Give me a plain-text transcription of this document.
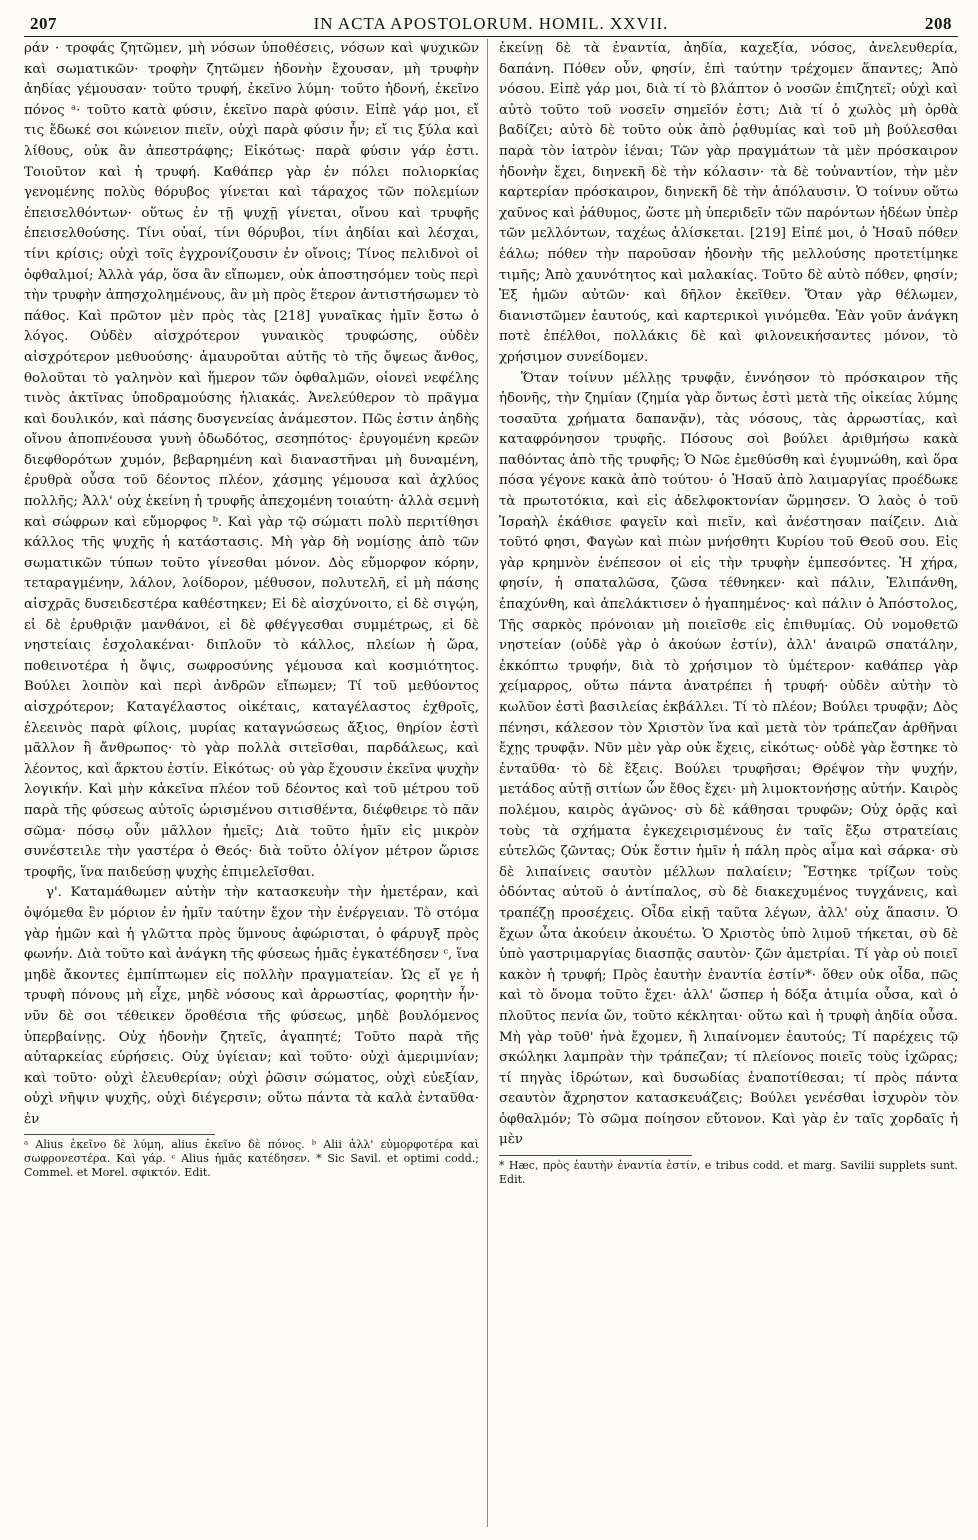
207	IN ACTA APOSTOLORUM. HOMIL. XXVII.	208

ράν · τροφάς ζητῶμεν, μὴ νόσων ὑποθέσεις, νόσων καὶ ψυχικῶν καὶ σωματικῶν· τροφὴν ζητῶμεν ἡδονὴν ἔχουσαν, μὴ τρυφὴν ἀηδίας γέμουσαν· τοῦτο τρυφή, ἐκεῖνο λύμη· τοῦτο ἡδονή, ἐκεῖνο πόνος ᵃ· τοῦτο κατὰ φύσιν, ἐκεῖνο παρὰ φύσιν. Εἰπὲ γάρ μοι, εἴ τις ἔδωκέ σοι κώνειον πιεῖν, οὐχὶ παρὰ φύσιν ἦν; εἴ τις ξύλα καὶ λίθους, οὐκ ἂν ἀπεστράφης; Εἰκότως· παρὰ φύσιν γάρ ἐστι. Τοιοῦτον καὶ ἡ τρυφή. Καθάπερ γὰρ ἐν πόλει πολιορκίας γενομένης πολὺς θόρυβος γίνεται καὶ τάραχος τῶν πολεμίων ἐπεισελθόντων· οὕτως ἐν τῇ ψυχῇ γίνεται, οἴνου καὶ τρυφῆς ἐπεισελθούσης. Τίνι οὐαί, τίνι θόρυβοι, τίνι ἀηδίαι καὶ λέσχαι, τίνι κρίσις; οὐχὶ τοῖς ἐγχρονίζουσιν ἐν οἴνοις; Τίνος πελιδνοὶ οἱ ὀφθαλμοί; Ἀλλὰ γάρ, ὅσα ἂν εἴπωμεν, οὐκ ἀποστησόμεν τοὺς περὶ τὴν τρυφὴν ἀπησχολημένους, ἂν μὴ πρὸς ἕτερον ἀντιστήσωμεν τὸ πάθος. Καὶ πρῶτον μὲν πρὸς τὰς [218] γυναῖκας ἡμῖν ἔστω ὁ λόγος. Οὐδὲν αἰσχρότερον γυναικὸς τρυφώσης, οὐδὲν αἰσχρότερον μεθυούσης· ἀμαυροῦται αὐτῆς τὸ τῆς ὄψεως ἄνθος, θολοῦται τὸ γαληνὸν καὶ ἥμερον τῶν ὀφθαλμῶν, οἱονεὶ νεφέλης τινὸς ἀκτῖνας ὑποδραμούσης ἡλιακάς. Ἀνελεύθερον τὸ πρᾶγμα καὶ δουλικόν, καὶ πάσης δυσγενείας ἀνάμεστον. Πῶς ἐστιν ἀηδὴς οἴνου ἀποπνέουσα γυνὴ ὀδωδότος, σεσηπότος· ἐρυγομένη κρεῶν διεφθορότων χυμόν, βεβαρημένη καὶ διαναστῆναι μὴ δυναμένη, ἐρυθρὰ οὖσα τοῦ δέοντος πλέον, χάσμης γέμουσα καὶ ἀχλύος πολλῆς; Ἀλλ' οὐχ ἐκείνη ἡ τρυφῆς ἀπεχομένη τοιαύτη· ἀλλὰ σεμνὴ καὶ σώφρων καὶ εὔμορφος ᵇ. Καὶ γὰρ τῷ σώματι πολὺ περιτίθησι κάλλος τῆς ψυχῆς ἡ κατάστασις. Μὴ γὰρ δὴ νομίσῃς ἀπὸ τῶν σωματικῶν τύπων τοῦτο γίνεσθαι μόνον. Δὸς εὔμορφον κόρην, τεταραγμένην, λάλον, λοίδορον, μέθυσον, πολυτελῆ, εἰ μὴ πάσης αἰσχρᾶς δυσειδεστέρα καθέστηκεν; Εἰ δὲ αἰσχύνοιτο, εἰ δὲ σιγῴη, εἰ δὲ ἐρυθριᾷν μανθάνοι, εἰ δὲ φθέγγεσθαι συμμέτρως, εἰ δὲ νηστείαις ἐσχολακέναι· διπλοῦν τὸ κάλλος, πλείων ἡ ὥρα, ποθεινοτέρα ἡ ὄψις, σωφροσύνης γέμουσα καὶ κοσμιότητος. Βούλει λοιπὸν καὶ περὶ ἀνδρῶν εἴπωμεν; Τί τοῦ μεθύοντος αἰσχρότερον; Καταγέλαστος οἰκέταις, καταγέλαστος ἐχθροῖς, ἐλεεινὸς παρὰ φίλοις, μυρίας καταγνώσεως ἄξιος, θηρίον ἐστὶ μᾶλλον ἢ ἄνθρωπος· τὸ γὰρ πολλὰ σιτεῖσθαι, παρδάλεως, καὶ λέοντος, καὶ ἄρκτου ἐστίν. Εἰκότως· οὐ γὰρ ἔχουσιν ἐκεῖνα ψυχὴν λογικήν. Καὶ μὴν κἀκεῖνα πλέον τοῦ δέοντος καὶ τοῦ μέτρου τοῦ παρὰ τῆς φύσεως αὐτοῖς ὡρισμένου σιτισθέντα, διέφθειρε τὸ πᾶν σῶμα· πόσῳ οὖν μᾶλλον ἡμεῖς; Διὰ τοῦτο ἡμῖν εἰς μικρὸν συνέστειλε τὴν γαστέρα ὁ Θεός· διὰ τοῦτο ὀλίγον μέτρον ὥρισε τροφῆς, ἵνα παιδεύσῃ ψυχὴς ἐπιμελεῖσθαι.

γ'. Καταμάθωμεν αὐτὴν τὴν κατασκευὴν τὴν ἡμετέραν, καὶ ὀψόμεθα ἓν μόριον ἐν ἡμῖν ταύτην ἔχον τὴν ἐνέργειαν. Τὸ στόμα γὰρ ἡμῶν καὶ ἡ γλῶττα πρὸς ὕμνους ἀφώρισται, ὁ φάρυγξ πρὸς φωνήν. Διὰ τοῦτο καὶ ἀνάγκη τῆς φύσεως ἡμᾶς ἐγκατέδησεν ᶜ, ἵνα μηδὲ ἄκοντες ἐμπίπτωμεν εἰς πολλὴν πραγματείαν. Ὡς εἴ γε ἡ τρυφὴ πόνους μὴ εἶχε, μηδὲ νόσους καὶ ἀρρωστίας, φορητὴν ἦν· νῦν δὲ σοι τέθεικεν ὅροθέσια τῆς φύσεως, μηδὲ βουλόμενος ὑπερβαίνῃς. Οὐχ ἡδονὴν ζητεῖς, ἀγαπητέ; Τοῦτο παρὰ τῆς αὐταρκείας εὑρήσεις. Οὐχ ὑγίειαν; καὶ τοῦτο· οὐχὶ ἀμεριμνίαν; καὶ τοῦτο· οὐχὶ ἐλευθερίαν; οὐχὶ ῥῶσιν σώματος, οὐχὶ εὐεξίαν, οὐχὶ νῆψιν ψυχῆς, οὐχὶ διέγερσιν; οὕτω πάντα τὰ καλὰ ἐνταῦθα· ἐν

ᵃ Alius ἐκεῖνο δὲ λύμη, alius ἐκεῖνο δὲ πόνος. ᵇ Alii ἀλλ' εὐμορφοτέρα καὶ σωφρονεστέρα. Καὶ γάρ. ᶜ Alius ἡμᾶς κατέδησεν. * Sic Savil. et optimi codd.; Commel. et Morel. σφικτόν. Edit.

ἐκείνῃ δὲ τὰ ἐναντία, ἀηδία, καχεξία, νόσος, ἀνελευθερία, δαπάνη. Πόθεν οὖν, φησίν, ἐπὶ ταύτην τρέχομεν ἅπαντες; Ἀπὸ νόσου. Εἰπὲ γάρ μοι, διὰ τί τὸ βλάπτον ὁ νοσῶν ἐπιζητεῖ; οὐχὶ καὶ αὐτὸ τοῦτο τοῦ νοσεῖν σημεῖόν ἐστι; Διὰ τί ὁ χωλὸς μὴ ὀρθὰ βαδίζει; αὐτὸ δὲ τοῦτο οὐκ ἀπὸ ῥᾳθυμίας καὶ τοῦ μὴ βούλεσθαι παρὰ τὸν ἰατρὸν ἰέναι; Τῶν γὰρ πραγμάτων τὰ μὲν πρόσκαιρον ἡδονὴν ἔχει, διηνεκῆ δὲ τὴν κόλασιν· τὰ δὲ τοὐναντίον, τὴν μὲν καρτερίαν πρόσκαιρον, διηνεκῆ δὲ τὴν ἀπόλαυσιν. Ὁ τοίνυν οὕτω χαῦνος καὶ ῥάθυμος, ὥστε μὴ ὑπεριδεῖν τῶν παρόντων ἡδέων ὑπὲρ τῶν μελλόντων, ταχέως ἁλίσκεται. [219] Εἰπέ μοι, ὁ Ἠσαῦ πόθεν ἑάλω; πόθεν τὴν παροῦσαν ἡδονὴν τῆς μελλούσης προτετίμηκε τιμῆς; Ἀπὸ χαυνότητος καὶ μαλακίας. Τοῦτο δὲ αὐτὸ πόθεν, φησίν; Ἐξ ἡμῶν αὐτῶν· καὶ δῆλον ἐκεῖθεν. Ὅταν γὰρ θέλωμεν, διανιστῶμεν ἑαυτούς, καὶ καρτερικοὶ γινόμεθα. Ἐὰν γοῦν ἀνάγκη ποτὲ ἐπέλθοι, πολλάκις δὲ καὶ φιλονεικήσαντες μόνον, τὸ χρήσιμον συνείδομεν.

Ὅταν τοίνυν μέλλῃς τρυφᾷν, ἐννόησον τὸ πρόσκαιρον τῆς ἡδονῆς, τὴν ζημίαν (ζημία γὰρ ὄντως ἐστὶ μετὰ τῆς οἰκείας λύμης τοσαῦτα χρήματα δαπανᾷν), τὰς νόσους, τὰς ἀρρωστίας, καὶ καταφρόνησον τρυφῆς. Πόσους σοὶ βούλει ἀριθμήσω κακὰ παθόντας ἀπὸ τῆς τρυφῆς; Ὁ Νῶε ἐμεθύσθη καὶ ἐγυμνώθη, καὶ ὅρα πόσα γέγονε κακὰ ἀπὸ τούτου· ὁ Ἠσαῦ ἀπὸ λαιμαργίας προέδωκε τὰ πρωτοτόκια, καὶ εἰς ἀδελφοκτονίαν ὥρμησεν. Ὁ λαὸς ὁ τοῦ Ἰσραὴλ ἐκάθισε φαγεῖν καὶ πιεῖν, καὶ ἀνέστησαν παίζειν. Διὰ τοῦτό φησι, Φαγὼν καὶ πιὼν μνήσθητι Κυρίου τοῦ Θεοῦ σου. Εἰς γὰρ κρημνὸν ἐνέπεσον οἱ εἰς τὴν τρυφὴν ἐμπεσόντες. Ἡ χήρα, φησίν, ἡ σπαταλῶσα, ζῶσα τέθνηκεν· καὶ πάλιν, Ἐλιπάνθη, ἐπαχύνθη, καὶ ἀπελάκτισεν ὁ ἠγαπημένος· καὶ πάλιν ὁ Ἀπόστολος, Τῆς σαρκὸς πρόνοιαν μὴ ποιεῖσθε εἰς ἐπιθυμίας. Οὐ νομοθετῶ νηστείαν (οὐδὲ γὰρ ὁ ἀκούων ἐστίν), ἀλλ' ἀναιρῶ σπατάλην, ἐκκόπτω τρυφήν, διὰ τὸ χρήσιμον τὸ ὑμέτερον· καθάπερ γὰρ χείμαρρος, οὕτω πάντα ἀνατρέπει ἡ τρυφή· οὐδὲν αὐτὴν τὸ κωλῦον ἐστὶ βασιλείας ἐκβάλλει. Τί τὸ πλέον; Βούλει τρυφᾷν; Δὸς πένησι, κάλεσον τὸν Χριστὸν ἵνα καὶ μετὰ τὸν τράπεζαν ἀρθῆναι ἔχῃς τρυφᾷν. Νῦν μὲν γὰρ οὐκ ἔχεις, εἰκότως· οὐδὲ γὰρ ἔστηκε τὸ ἐνταῦθα· τὸ δὲ ἔξεις. Βούλει τρυφῆσαι; Θρέψον τὴν ψυχήν, μετάδος αὐτῇ σιτίων ὧν ἔθος ἔχει· μὴ λιμοκτονήσῃς αὐτήν. Καιρὸς πολέμου, καιρὸς ἀγῶνος· σὺ δὲ κάθησαι τρυφῶν; Οὐχ ὁρᾷς καὶ τοὺς τὰ σχήματα ἐγκεχειρισμένους ἐν ταῖς ἔξω στρατείαις εὐτελῶς ζῶντας; Οὐκ ἔστιν ἡμῖν ἡ πάλη πρὸς αἷμα καὶ σάρκα· σὺ δὲ λιπαίνεις σαυτὸν μέλλων παλαίειν; Ἔστηκε τρίζων τοὺς ὀδόντας αὐτοῦ ὁ ἀντίπαλος, σὺ δὲ διακεχυμένος τυγχάνεις, καὶ τραπέζῃ προσέχεις. Οἶδα εἰκῇ ταῦτα λέγων, ἀλλ' οὐχ ἅπασιν. Ὁ ἔχων ὦτα ἀκούειν ἀκουέτω. Ὁ Χριστὸς ὑπὸ λιμοῦ τήκεται, σὺ δὲ ὑπὸ γαστριμαργίας διασπᾷς σαυτὸν· ζῶν ἀμετρίαι. Τί γὰρ οὐ ποιεῖ κακὸν ἡ τρυφή; Πρὸς ἑαυτὴν ἐναντία ἐστίν*· ὅθεν οὐκ οἶδα, πῶς καὶ τὸ ὄνομα τοῦτο ἔχει· ἀλλ' ὥσπερ ἡ δόξα ἀτιμία οὖσα, καὶ ὁ πλοῦτος πενία ὤν, τοῦτο κέκληται· οὕτω καὶ ἡ τρυφὴ ἀηδία οὖσα. Μὴ γὰρ τοῦθ' ἡνὰ ἔχομεν, ἢ λιπαίνομεν ἑαυτούς; Τί παρέχεις τῷ σκώληκι λαμπρὰν τὴν τράπεζαν; τί πλείονος ποιεῖς τοὺς ἰχῶρας; τί πηγὰς ἱδρώτων, καὶ δυσωδίας ἐναποτίθεσαι; τί πρὸς πάντα σεαυτὸν ἄχρηστον κατασκευάζεις; Βούλει γενέσθαι ἰσχυρὸν τὸν ὀφθαλμόν; Τὸ σῶμα ποίησον εὔτονον. Καὶ γὰρ ἐν ταῖς χορδαῖς ἡ μὲν

* Hæc, πρὸς ἑαυτὴν ἐναντία ἐστίν, e tribus codd. et marg. Savilii supplets sunt. Edit.
